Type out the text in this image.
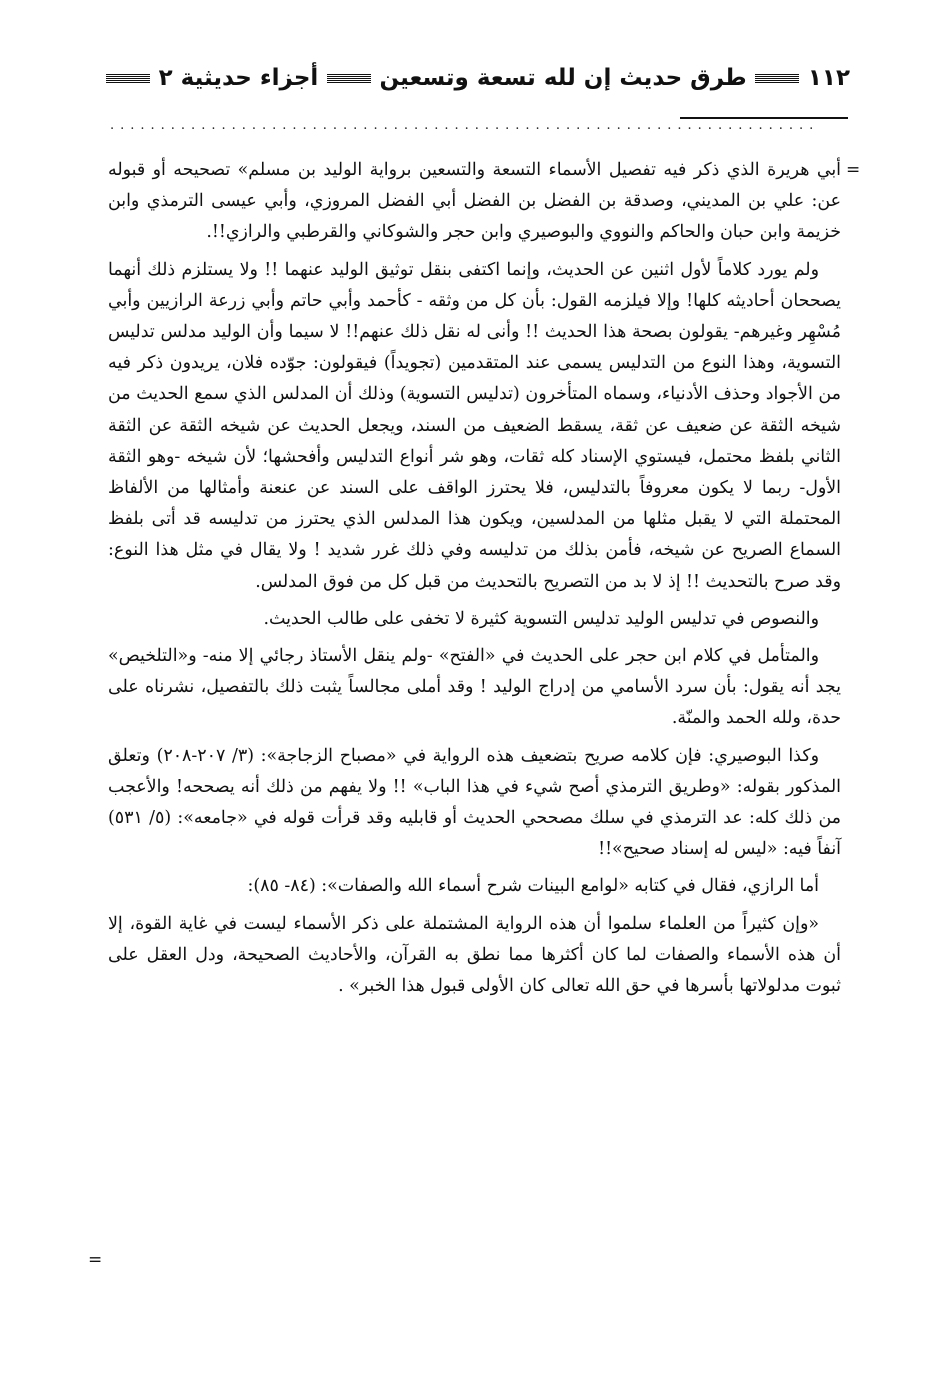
١١٢
طرق حديث إن لله تسعة وتسعين
أجزاء حديثية ٢
......................................................................
=

أبي هريرة الذي ذكر فيه تفصيل الأسماء التسعة والتسعين برواية الوليد بن مسلم» تصحيحه أو قبوله عن: علي بن المديني، وصدقة بن الفضل بن الفضل أبي الفضل المروزي، وأبي عيسى الترمذي وابن خزيمة وابن حبان والحاكم والنووي والبوصيري وابن حجر والشوكاني والقرطبي والرازي!!.

ولم يورد كلاماً لأول اثنين عن الحديث، وإنما اكتفى بنقل توثيق الوليد عنهما !! ولا يستلزم ذلك أنهما يصححان أحاديثه كلها! وإلا فيلزمه القول: بأن كل من وثقه - كأحمد وأبي حاتم وأبي زرعة الرازيين وأبي مُسْهِر وغيرهم- يقولون بصحة هذا الحديث !! وأنى له نقل ذلك عنهم!! لا سيما وأن الوليد مدلس تدليس التسوية، وهذا النوع من التدليس يسمى عند المتقدمين (تجويداً) فيقولون: جوّده فلان، يريدون ذكر فيه من الأجواد وحذف الأدنياء، وسماه المتأخرون (تدليس التسوية) وذلك أن المدلس الذي سمع الحديث من شيخه الثقة عن ضعيف عن ثقة، يسقط الضعيف من السند، ويجعل الحديث عن شيخه الثقة عن الثقة الثاني بلفظ محتمل، فيستوي الإسناد كله ثقات، وهو شر أنواع التدليس وأفحشها؛ لأن شيخه -وهو الثقة الأول- ربما لا يكون معروفاً بالتدليس، فلا يحترز الواقف على السند عن عنعنة وأمثالها من الألفاظ المحتملة التي لا يقبل مثلها من المدلسين، ويكون هذا المدلس الذي يحترز من تدليسه قد أتى بلفظ السماع الصريح عن شيخه، فأمن بذلك من تدليسه وفي ذلك غرر شديد ! ولا يقال في مثل هذا النوع: وقد صرح بالتحديث !! إذ لا بد من التصريح بالتحديث من قبل كل من فوق المدلس.

والنصوص في تدليس الوليد تدليس التسوية كثيرة لا تخفى على طالب الحديث.

والمتأمل في كلام ابن حجر على الحديث في «الفتح» -ولم ينقل الأستاذ رجائي إلا منه- و«التلخيص» يجد أنه يقول: بأن سرد الأسامي من إدراج الوليد ! وقد أملى مجالساً يثبت ذلك بالتفصيل، نشرناه على حدة، ولله الحمد والمنّة.

وكذا البوصيري: فإن كلامه صريح بتضعيف هذه الرواية في «مصباح الزجاجة»: (٣/ ٢٠٧-٢٠٨) وتعلق المذكور بقوله: «وطريق الترمذي أصح شيء في هذا الباب» !! ولا يفهم من ذلك أنه يصححه! والأعجب من ذلك كله: عد الترمذي في سلك مصححي الحديث أو قابليه وقد قرأت قوله في «جامعه»: (٥/ ٥٣١) آنفاً فيه: «ليس له إسناد صحيح»!!

أما الرازي، فقال في كتابه «لوامع البينات شرح أسماء الله والصفات»: (٨٤- ٨٥):

«وإن كثيراً من العلماء سلموا أن هذه الرواية المشتملة على ذكر الأسماء ليست في غاية القوة، إلا أن هذه الأسماء والصفات لما كان أكثرها مما نطق به القرآن، والأحاديث الصحيحة، ودل العقل على ثبوت مدلولاتها بأسرها في حق الله تعالى كان الأولى قبول هذا الخبر» .

=
